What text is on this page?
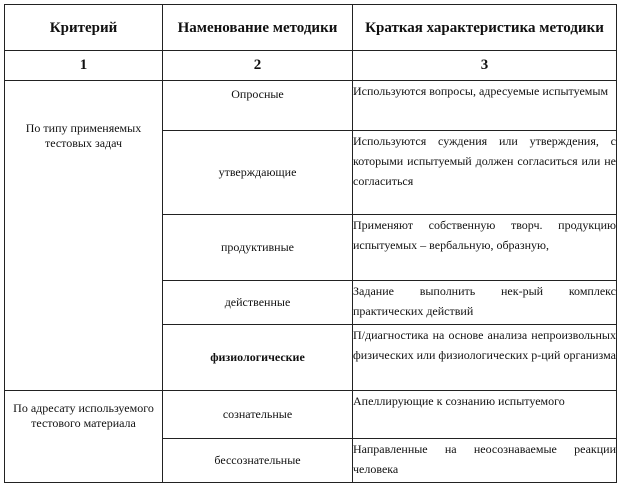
Критерий	Наменование методики	Краткая характеристика методики
1	2	3
По типу применяемых тестовых задач	Опросные	Используются вопросы, адресуемые испытуемым
	утверждающие	Используются суждения или утверждения, с которыми испытуемый должен согласиться или не согласиться
	продуктивные	Применяют собственную творч. продукцию испытуемых – вербальную, образную,
	действенные	Задание выполнить нек-рый комплекс практических действий
	физиологические	П/диагностика на основе анализа непроизвольных физических или физиологических р-ций организма
По адресату используемого тестового материала	сознательные	Апеллирующие к сознанию испытуемого
	бессознательные	Направленные на неосознаваемые реакции человека
